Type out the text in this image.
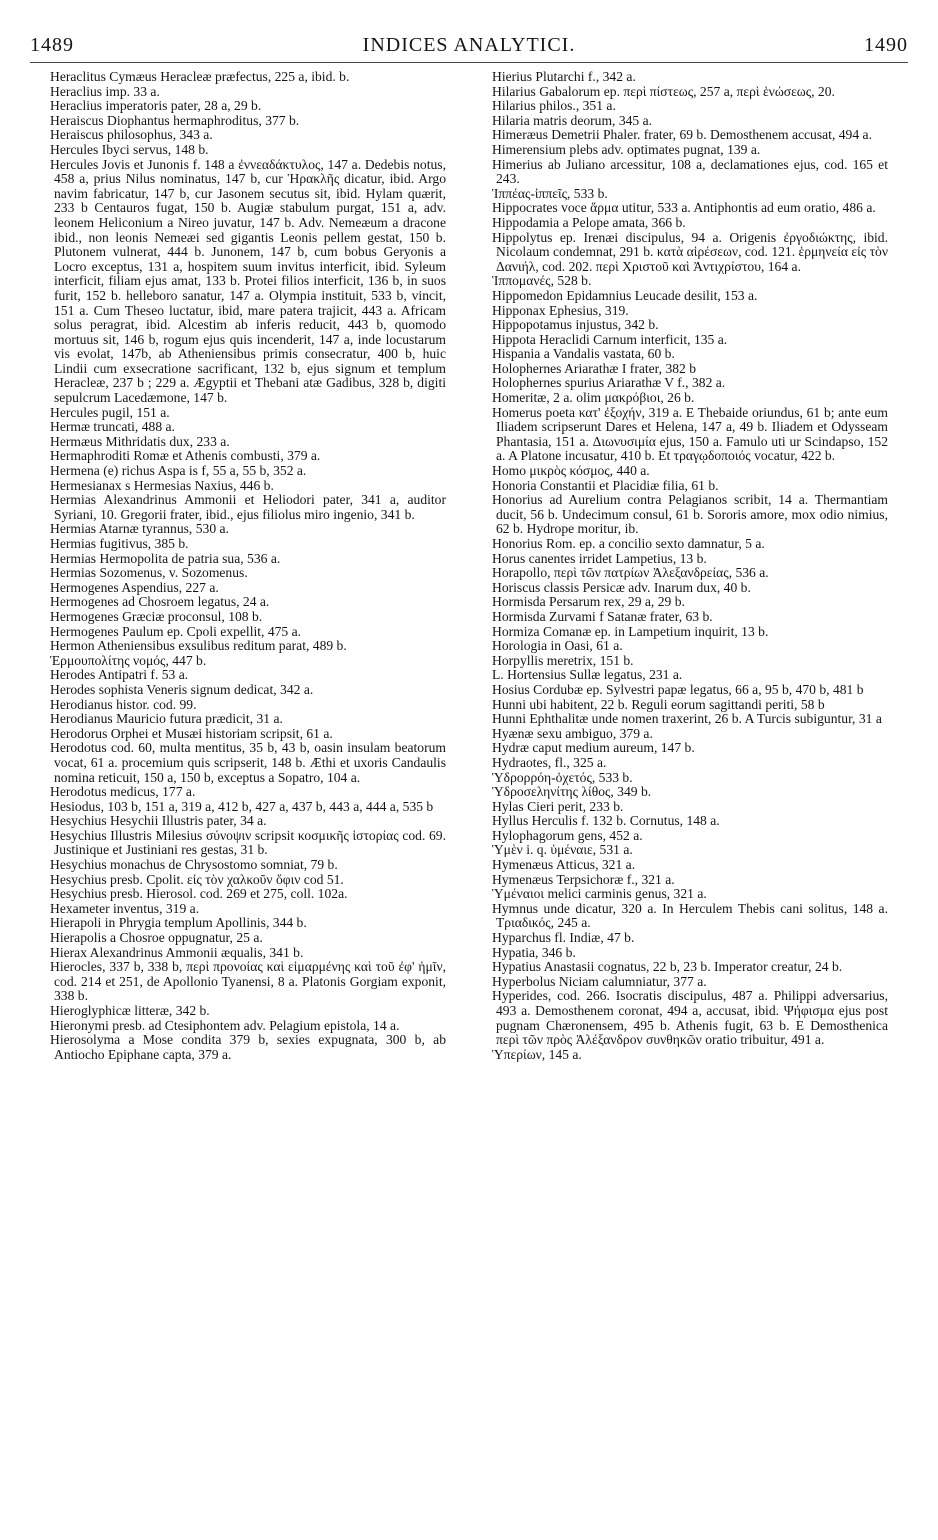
1489	INDICES ANALYTICI.	1490

Heraclitus Cymæus Heracleæ præfectus, 225 a, ibid. b.

Heraclius imp. 33 a.

Heraclius imperatoris pater, 28 a, 29 b.

Heraiscus Diophantus hermaphroditus, 377 b.

Heraiscus philosophus, 343 a.

Hercules Ibyci servus, 148 b.

Hercules Jovis et Junonis f. 148 a ἐννεαδάκτυλος, 147 a. Dedebis notus, 458 a, prius Nilus nominatus, 147 b, cur Ἡρακλῆς dicatur, ibid. Argo navim fabricatur, 147 b, cur Jasonem secutus sit, ibid. Hylam quærit, 233 b Centauros fugat, 150 b. Augiæ stabulum purgat, 151 a, adv. leonem Heliconium a Nireo juvatur, 147 b. Adv. Nemeæum a dracone ibid., non leonis Nemeæi sed gigantis Leonis pellem gestat, 150 b. Plutonem vulnerat, 444 b. Junonem, 147 b, cum bobus Geryonis a Locro exceptus, 131 a, hospitem suum invitus interficit, ibid. Syleum interficit, filiam ejus amat, 133 b. Protei filios interficit, 136 b, in suos furit, 152 b. helleboro sanatur, 147 a. Olympia instituit, 533 b, vincit, 151 a. Cum Theseo luctatur, ibid, mare patera trajicit, 443 a. Africam solus peragrat, ibid. Alcestim ab inferis reducit, 443 b, quomodo mortuus sit, 146 b, rogum ejus quis incenderit, 147 a, inde locustarum vis evolat, 147b, ab Atheniensibus primis consecratur, 400 b, huic Lindii cum exsecratione sacrificant, 132 b, ejus signum et templum Heracleæ, 237 b ; 229 a. Ægyptii et Thebani atæ Gadibus, 328 b, digiti sepulcrum Lacedæmone, 147 b.

Hercules pugil, 151 a.

Hermæ truncati, 488 a.

Hermæus Mithridatis dux, 233 a.

Hermaphroditi Romæ et Athenis combusti, 379 a.

Hermena (e) richus Aspa is f, 55 a, 55 b, 352 a.

Hermesianax s Hermesias Naxius, 446 b.

Hermias Alexandrinus Ammonii et Heliodori pater, 341 a, auditor Syriani, 10. Gregorii frater, ibid., ejus filiolus miro ingenio, 341 b.

Hermias Atarnæ tyrannus, 530 a.

Hermias fugitivus, 385 b.

Hermias Hermopolita de patria sua, 536 a.

Hermias Sozomenus, v. Sozomenus.

Hermogenes Aspendius, 227 a.

Hermogenes ad Chosroem legatus, 24 a.

Hermogenes Græciæ proconsul, 108 b.

Hermogenes Paulum ep. Cpoli expellit, 475 a.

Hermon Atheniensibus exsulibus reditum parat, 489 b.

Ἑρμουπολίτης νομός, 447 b.

Herodes Antipatri f. 53 a.

Herodes sophista Veneris signum dedicat, 342 a.

Herodianus histor. cod. 99.

Herodianus Mauricio futura prædicit, 31 a.

Herodorus Orphei et Musæi historiam scripsit, 61 a.

Herodotus cod. 60, multa mentitus, 35 b, 43 b, oasin insulam beatorum vocat, 61 a. procemium quis scripserit, 148 b. Æthi et uxoris Candaulis nomina reticuit, 150 a, 150 b, exceptus a Sopatro, 104 a.

Herodotus medicus, 177 a.

Hesiodus, 103 b, 151 a, 319 a, 412 b, 427 a, 437 b, 443 a, 444 a, 535 b

Hesychius Hesychii Illustris pater, 34 a.

Hesychius Illustris Milesius σύνοψιν scripsit κοσμικῆς ἱστορίας cod. 69. Justinique et Justiniani res gestas, 31 b.

Hesychius monachus de Chrysostomo somniat, 79 b.

Hesychius presb. Cpolit. εἰς τὸν χαλκοῦν ὄφιν cod 51.

Hesychius presb. Hierosol. cod. 269 et 275, coll. 102a.

Hexameter inventus, 319 a.

Hierapoli in Phrygia templum Apollinis, 344 b.

Hierapolis a Chosroe oppugnatur, 25 a.

Hierax Alexandrinus Ammonii æqualis, 341 b.

Hierocles, 337 b, 338 b, περὶ προνοίας καὶ εἱμαρμένης καὶ τοῦ ἐφ' ἡμῖν, cod. 214 et 251, de Apollonio Tyanensi, 8 a. Platonis Gorgiam exponit, 338 b.

Hieroglyphicæ litteræ, 342 b.

Hieronymi presb. ad Ctesiphontem adv. Pelagium epistola, 14 a.

Hierosolyma a Mose condita 379 b, sexies expugnata, 300 b, ab Antiocho Epiphane capta, 379 a.

Hierius Plutarchi f., 342 a.

Hilarius Gabalorum ep. περὶ πίστεως, 257 a, περὶ ἑνώσεως, 20.

Hilarius philos., 351 a.

Hilaria matris deorum, 345 a.

Himeræus Demetrii Phaler. frater, 69 b. Demosthenem accusat, 494 a.

Himerensium plebs adv. optimates pugnat, 139 a.

Himerius ab Juliano arcessitur, 108 a, declamationes ejus, cod. 165 et 243.

Ἱππέας-ἱππεῖς, 533 b.

Hippocrates voce ἅρμα utitur, 533 a. Antiphontis ad eum oratio, 486 a.

Hippodamia a Pelope amata, 366 b.

Hippolytus ep. Irenæi discipulus, 94 a. Origenis ἐργοδιώκτης, ibid. Nicolaum condemnat, 291 b. κατὰ αἱρέσεων, cod. 121. ἑρμηνεία εἰς τὸν Δανιήλ, cod. 202. περὶ Χριστοῦ καὶ Ἀντιχρίστου, 164 a.

Ἱππομανές, 528 b.

Hippomedon Epidamnius Leucade desilit, 153 a.

Hipponax Ephesius, 319.

Hippopotamus injustus, 342 b.

Hippota Heraclidi Carnum interficit, 135 a.

Hispania a Vandalis vastata, 60 b.

Holophernes Ariarathæ I frater, 382 b

Holophernes spurius Ariarathæ V f., 382 a.

Homeritæ, 2 a. olim μακρόβιοι, 26 b.

Homerus poeta κατ' ἐξοχήν, 319 a. E Thebaide oriundus, 61 b; ante eum Iliadem scripserunt Dares et Helena, 147 a, 49 b. Iliadem et Odysseam Phantasia, 151 a. Διωνυσιμία ejus, 150 a. Famulo uti ur Scindapso, 152 a. A Platone incusatur, 410 b. Et τραγῳδοποιός vocatur, 422 b.

Homo μικρὸς κόσμος, 440 a.

Honoria Constantii et Placidiæ filia, 61 b.

Honorius ad Aurelium contra Pelagianos scribit, 14 a. Thermantiam ducit, 56 b. Undecimum consul, 61 b. Sororis amore, mox odio nimius, 62 b. Hydrope moritur, ib.

Honorius Rom. ep. a concilio sexto damnatur, 5 a.

Horus canentes irridet Lampetius, 13 b.

Horapollo, περὶ τῶν πατρίων Ἀλεξανδρείας, 536 a.

Horiscus classis Persicæ adv. Inarum dux, 40 b.

Hormisda Persarum rex, 29 a, 29 b.

Hormisda Zurvami f Satanæ frater, 63 b.

Hormiza Comanæ ep. in Lampetium inquirit, 13 b.

Horologia in Oasi, 61 a.

Horpyllis meretrix, 151 b.

L. Hortensius Sullæ legatus, 231 a.

Hosius Cordubæ ep. Sylvestri papæ legatus, 66 a, 95 b, 470 b, 481 b

Hunni ubi habitent, 22 b. Reguli eorum sagittandi periti, 58 b

Hunni Ephthalitæ unde nomen traxerint, 26 b. A Turcis subiguntur, 31 a

Hyænæ sexu ambiguo, 379 a.

Hydræ caput medium aureum, 147 b.

Hydraotes, fl., 325 a.

Ὑδρορρόη-ὀχετός, 533 b.

Ὑδροσεληνίτης λίθος, 349 b.

Hylas Cieri perit, 233 b.

Hyllus Herculis f. 132 b. Cornutus, 148 a.

Hylophagorum gens, 452 a.

Ὑμὲν i. q. ὑμέναιε, 531 a.

Hymenæus Atticus, 321 a.

Hymenæus Terpsichoræ f., 321 a.

Ὑμέναιοι melici carminis genus, 321 a.

Hymnus unde dicatur, 320 a. In Herculem Thebis cani solitus, 148 a. Τριαδικός, 245 a.

Hyparchus fl. Indiæ, 47 b.

Hypatia, 346 b.

Hypatius Anastasii cognatus, 22 b, 23 b. Imperator creatur, 24 b.

Hyperbolus Niciam calumniatur, 377 a.

Hyperides, cod. 266. Isocratis discipulus, 487 a. Philippi adversarius, 493 a. Demosthenem coronat, 494 a, accusat, ibid. Ψήφισμα ejus post pugnam Chæronensem, 495 b. Athenis fugit, 63 b. E Demosthenica περὶ τῶν πρὸς Ἀλέξανδρον συνθηκῶν oratio tribuitur, 491 a.

Ὑπερίων, 145 a.
